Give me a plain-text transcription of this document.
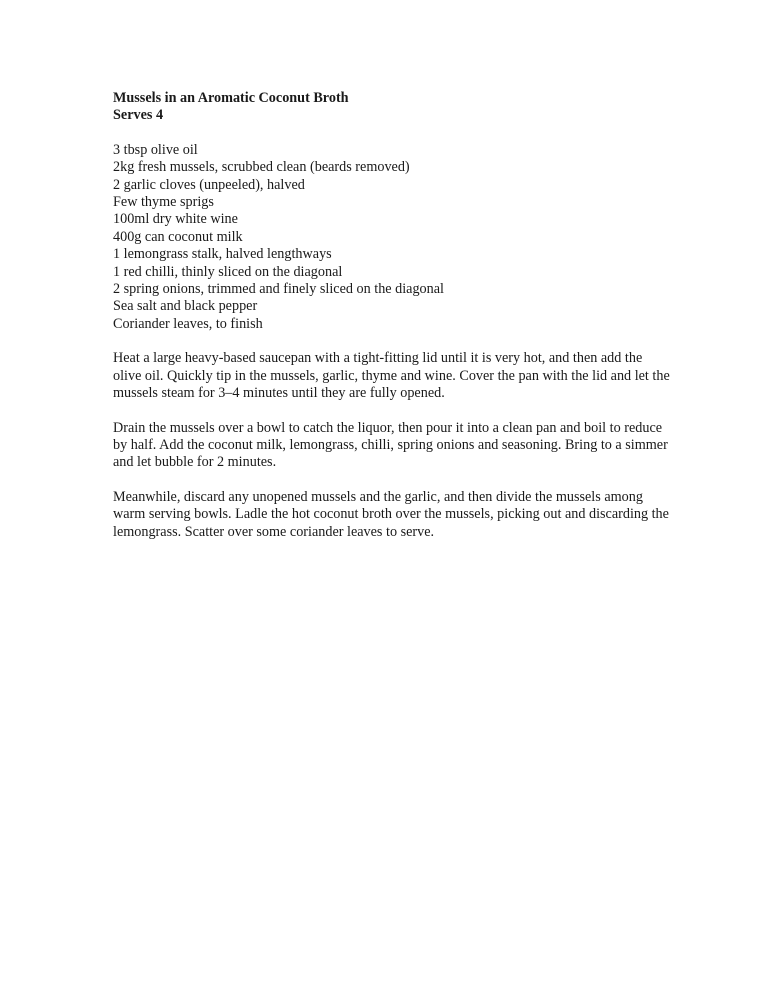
Mussels in an Aromatic Coconut Broth

Serves 4

3 tbsp olive oil
2kg fresh mussels, scrubbed clean (beards removed)
2 garlic cloves (unpeeled), halved
Few thyme sprigs
100ml dry white wine
400g can coconut milk
1 lemongrass stalk, halved lengthways
1 red chilli, thinly sliced on the diagonal
2 spring onions, trimmed and finely sliced on the diagonal
Sea salt and black pepper
Coriander leaves, to finish

Heat a large heavy-based saucepan with a tight-fitting lid until it is very hot, and then add the olive oil. Quickly tip in the mussels, garlic, thyme and wine. Cover the pan with the lid and let the mussels steam for 3–4 minutes until they are fully opened.

Drain the mussels over a bowl to catch the liquor, then pour it into a clean pan and boil to reduce by half. Add the coconut milk, lemongrass, chilli, spring onions and seasoning. Bring to a simmer and let bubble for 2 minutes.

Meanwhile, discard any unopened mussels and the garlic, and then divide the mussels among warm serving bowls. Ladle the hot coconut broth over the mussels, picking out and discarding the lemongrass. Scatter over some coriander leaves to serve.
